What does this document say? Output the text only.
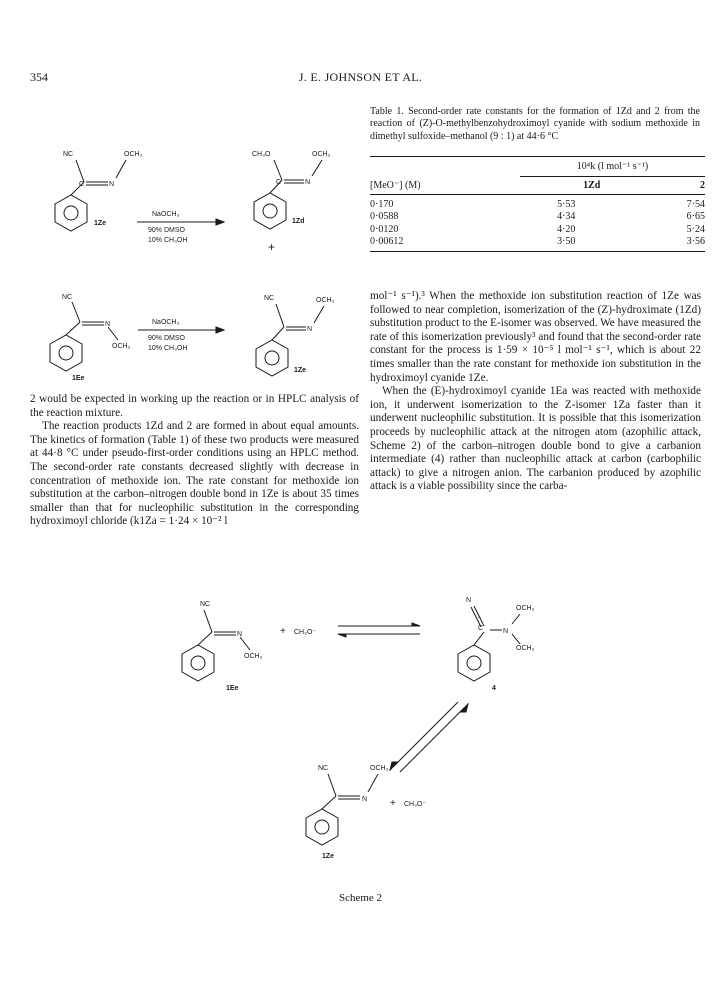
354	J. E. JOHNSON ET AL.
NC	OCH₃
N
C
1Ze
NaOCH₃
90% DMSO
10% CH₃OH
CH₃O	OCH₃
N
C
1Zd
+
Table 1. Second-order rate constants for the formation of 1Zd and 2 from the reaction of (Z)-O-methylbenzohydroximoyl cyanide with sodium methoxide in dimethyl sulfoxide–methanol (9 : 1) at 44·6 °C
10⁴k (l mol⁻¹ s⁻¹)
[MeO⁻] (M)	1Zd	2
0·170	5·53	7·54
0·0588	4·34	6·65
0·0120	4·20	5·24
0·00612	3·50	3·56
NC
N
OCH₃
1Ee
NaOCH₃
90% DMSO
10% CH₃OH
NC	OCH₃
N
1Ze

mol⁻¹ s⁻¹).³ When the methoxide ion substitution reaction of 1Ze was followed to near completion, isomerization of the (Z)-hydroximate (1Zd) substitution product to the E-isomer was observed. We have measured the rate of this isomerization previously³ and found that the second-order rate constant for the process is 1·59 × 10⁻⁵ l mol⁻¹ s⁻¹, which is about 22 times smaller than the rate constant for methoxide ion substitution in the hydroximoyl cyanide 1Ze.

When the (E)-hydroximoyl cyanide 1Ea was reacted with methoxide ion, it underwent isomerization to the Z-isomer 1Za faster than it underwent nucleophilic substitution. It is possible that this isomerization proceeds by nucleophilic attack at the nitrogen atom (azophilic attack, Scheme 2) of the carbon–nitrogen double bond to give a carbanion intermediate (4) rather than nucleophilic attack at carbon (carbophilic attack) to give a nitrogen anion. The carbanion produced by azophilic attack is a viable possibility since the carba-

2 would be expected in working up the reaction or in HPLC analysis of the reaction mixture.

The reaction products 1Zd and 2 are formed in about equal amounts. The kinetics of formation (Table 1) of these two products were measured at 44·8 °C under pseudo-first-order conditions using an HPLC method. The second-order rate constants decreased slightly with decrease in concentration of methoxide ion. The rate constant for methoxide ion substitution at the carbon–nitrogen double bond in 1Ze is about 35 times smaller than that for nucleophilic substitution in the corresponding hydroximoyl chloride (k1Za = 1·24 × 10⁻² l

NC
N
OCH₃
1Ee
+ CH₃O⁻
N
C
-
N
OCH₃
OCH₃
4
NC
N
OCH₃
+ CH₃O⁻
1Ze
Scheme 2
